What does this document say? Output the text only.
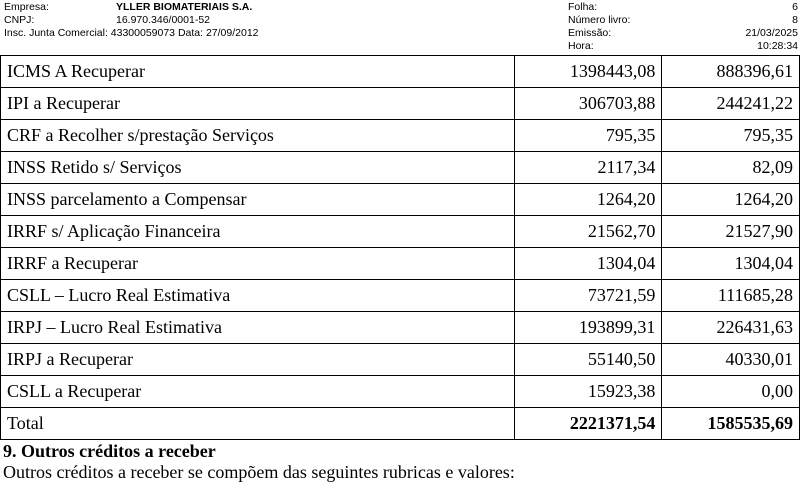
Empresa:	YLLER BIOMATERIAIS S.A.
CNPJ:	16.970.346/0001-52
Insc. Junta Comercial: 43300059073 Data: 27/09/2012
Folha:	6
Número livro:	8
Emissão:	21/03/2025
Hora:	10:28:34
ICMS A Recuperar	1398443,08	888396,61
IPI a Recuperar	306703,88	244241,22
CRF a Recolher s/prestação Serviços	795,35	795,35
INSS Retido s/ Serviços	2117,34	82,09
INSS parcelamento a Compensar	1264,20	1264,20
IRRF s/ Aplicação Financeira	21562,70	21527,90
IRRF a Recuperar	1304,04	1304,04
CSLL – Lucro Real Estimativa	73721,59	111685,28
IRPJ – Lucro Real Estimativa	193899,31	226431,63
IRPJ a Recuperar	55140,50	40330,01
CSLL a Recuperar	15923,38	0,00
Total	2221371,54	1585535,69
9. Outros créditos a receber
Outros créditos a receber se compõem das seguintes rubricas e valores:
